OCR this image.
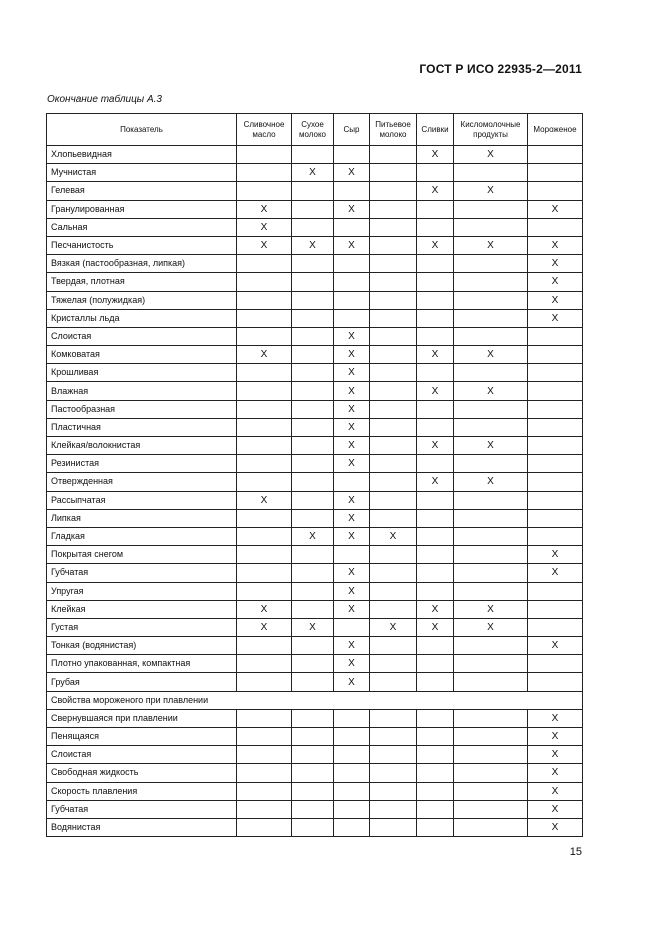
ГОСТ Р ИСО 22935-2—2011
Окончание таблицы А.3
Показатель	Сливочное масло	Сухое молоко	Сыр	Питьевое молоко	Сливки	Кисломолочные продукты	Мороженое
Хлопьевидная					X	X	
Мучнистая		X	X				
Гелевая					X	X	
Гранулированная	X		X				X
Сальная	X						
Песчанистость	X	X	X		X	X	X
Вязкая (пастообразная, липкая)							X
Твердая, плотная							X
Тяжелая (полужидкая)							X
Кристаллы льда							X
Слоистая			X				
Комковатая	X		X		X	X	
Крошливая			X				
Влажная			X		X	X	
Пастообразная			X				
Пластичная			X				
Клейкая/волокнистая			X		X	X	
Резинистая			X				
Отвержденная					X	X	
Рассыпчатая	X		X				
Липкая			X				
Гладкая		X	X	X			
Покрытая снегом							X
Губчатая			X				X
Упругая			X				
Клейкая	X		X		X	X	
Густая	X	X		X	X	X	
Тонкая (водянистая)			X				X
Плотно упакованная, компактная			X				
Грубая			X				
Свойства мороженого при плавлении							
Свернувшаяся при плавлении							X
Пенящаяся							X
Слоистая							X
Свободная жидкость							X
Скорость плавления							X
Губчатая							X
Водянистая							X
15
